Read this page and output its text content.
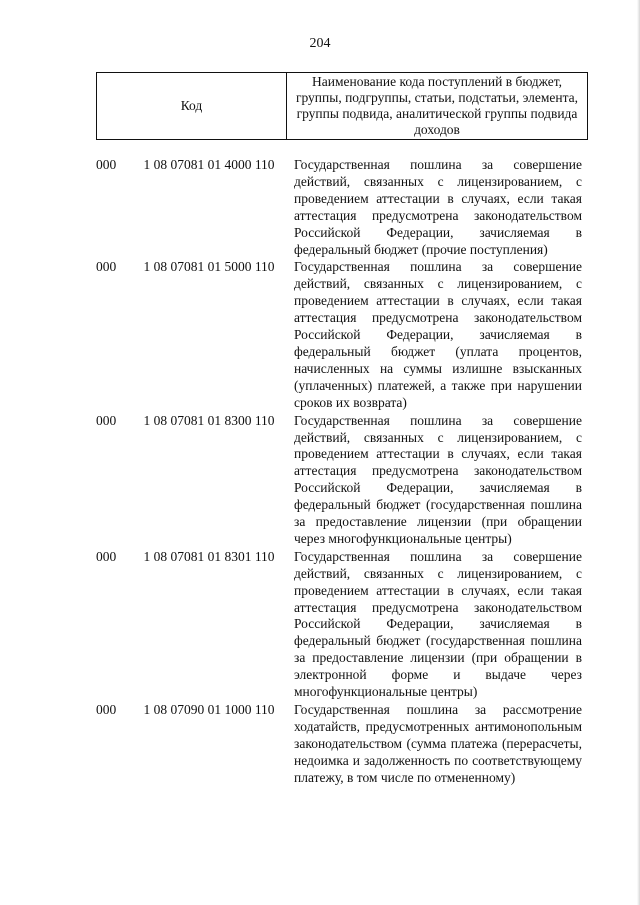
204
Код
Наименование кода поступлений в бюджет, группы, подгруппы, статьи, подстатьи, элемента, группы подвида, аналитической группы подвида доходов
000	1 08 07081 01 4000 110	Государственная пошлина за совершение действий, связанных с лицензированием, с проведением аттестации в случаях, если такая аттестация предусмотрена законодательством Российской Федерации, зачисляемая в федеральный бюджет (прочие поступления)
000	1 08 07081 01 5000 110	Государственная пошлина за совершение действий, связанных с лицензированием, с проведением аттестации в случаях, если такая аттестация предусмотрена законодательством Российской Федерации, зачисляемая в федеральный бюджет (уплата процентов, начисленных на суммы излишне взысканных (уплаченных) платежей, а также при нарушении сроков их возврата)
000	1 08 07081 01 8300 110	Государственная пошлина за совершение действий, связанных с лицензированием, с проведением аттестации в случаях, если такая аттестация предусмотрена законодательством Российской Федерации, зачисляемая в федеральный бюджет (государственная пошлина за предоставление лицензии (при обращении через многофункциональные центры)
000	1 08 07081 01 8301 110	Государственная пошлина за совершение действий, связанных с лицензированием, с проведением аттестации в случаях, если такая аттестация предусмотрена законодательством Российской Федерации, зачисляемая в федеральный бюджет (государственная пошлина за предоставление лицензии (при обращении в электронной форме и выдаче через многофункциональные центры)
000	1 08 07090 01 1000 110	Государственная пошлина за рассмотрение ходатайств, предусмотренных антимонопольным законодательством (сумма платежа (перерасчеты, недоимка и задолженность по соответствующему платежу, в том числе по отмененному)
